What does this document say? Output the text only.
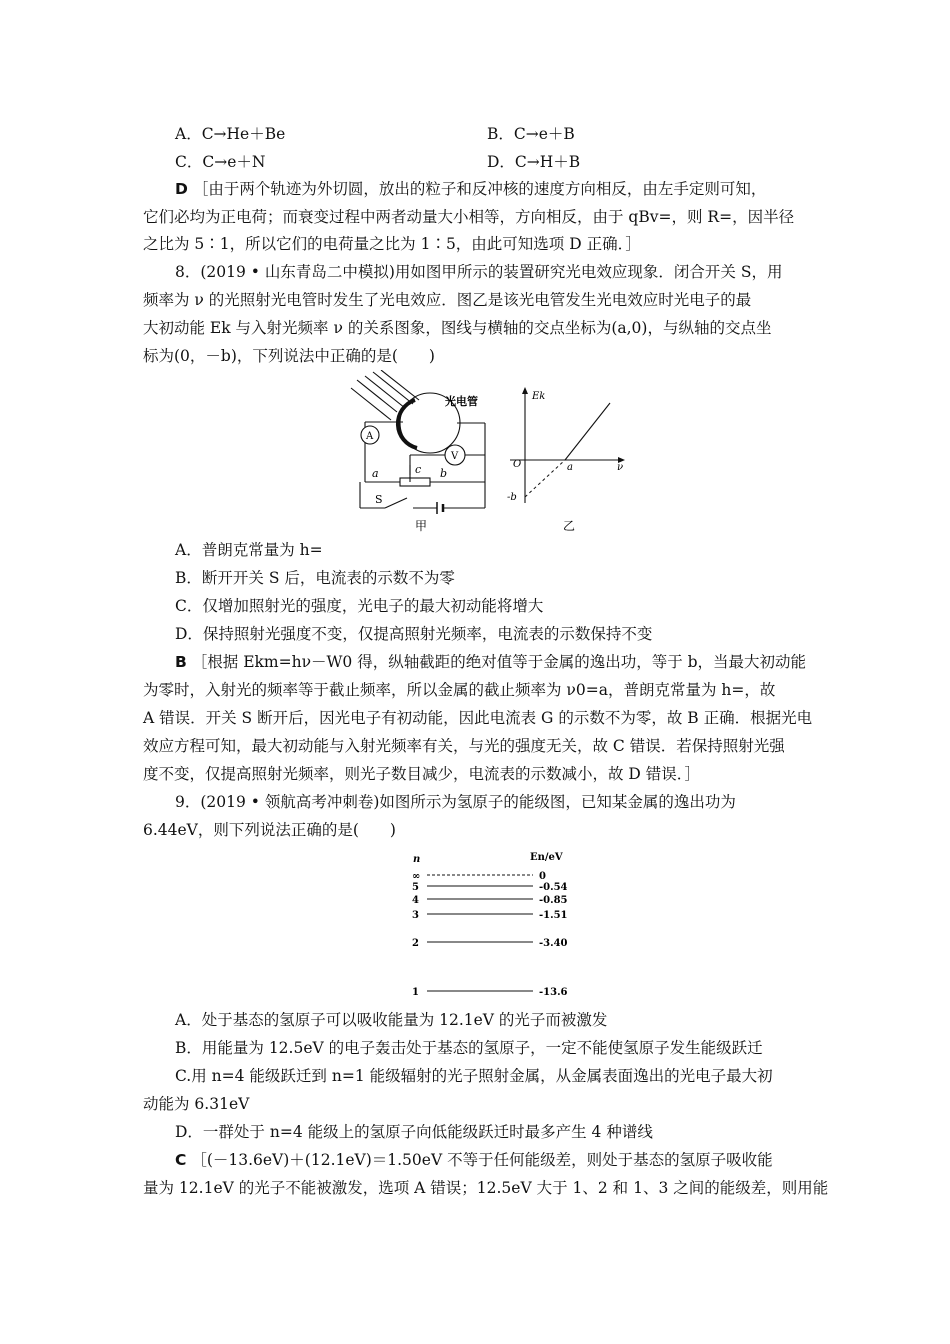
A．C→He＋Be	B．C→e＋B
C．C→e＋N	D．C→H＋B
D ［由于两个轨迹为外切圆，放出的粒子和反冲核的速度方向相反，由左手定则可知，
它们必均为正电荷；而衰变过程中两者动量大小相等，方向相反，由于 qBv=，则 R=，因半径
之比为 5∶1，所以它们的电荷量之比为 1∶5，由此可知选项 D 正确．］
8．(2019 • 山东青岛二中模拟)用如图甲所示的装置研究光电效应现象．闭合开关 S，用
频率为 ν 的光照射光电管时发生了光电效应．图乙是该光电管发生光电效应时光电子的最
大初动能 Ek 与入射光频率 ν 的关系图象，图线与横轴的交点坐标为(a,0)，与纵轴的交点坐
标为(0，－b)，下列说法中正确的是(　　)
光电管
A
V
a	b
c
S
甲
Ek
O	a	ν
-b
乙
A．普朗克常量为 h=
B．断开开关 S 后，电流表的示数不为零
C．仅增加照射光的强度，光电子的最大初动能将增大
D．保持照射光强度不变，仅提高照射光频率，电流表的示数保持不变
B ［根据 Ekm=hν－W0 得，纵轴截距的绝对值等于金属的逸出功，等于 b，当最大初动能
为零时，入射光的频率等于截止频率，所以金属的截止频率为 ν0=a，普朗克常量为 h=，故
A 错误．开关 S 断开后，因光电子有初动能，因此电流表 G 的示数不为零，故 B 正确．根据光电
效应方程可知，最大初动能与入射光频率有关，与光的强度无关，故 C 错误．若保持照射光强
度不变，仅提高照射光频率，则光子数目减少，电流表的示数减小，故 D 错误．］
9．(2019 • 领航高考冲刺卷)如图所示为氢原子的能级图，已知某金属的逸出功为
6.44eV，则下列说法正确的是(　　)
n	En/eV
∞
5
4
3
2
1
0
-0.54
-0.85
-1.51
-3.40
-13.6
A．处于基态的氢原子可以吸收能量为 12.1eV 的光子而被激发
B．用能量为 12.5eV 的电子轰击处于基态的氢原子，一定不能使氢原子发生能级跃迁
C.用 n=4 能级跃迁到 n=1 能级辐射的光子照射金属，从金属表面逸出的光电子最大初
动能为 6.31eV
D．一群处于 n=4 能级上的氢原子向低能级跃迁时最多产生 4 种谱线
C ［(－13.6eV)＋(12.1eV)＝1.50eV 不等于任何能级差，则处于基态的氢原子吸收能
量为 12.1eV 的光子不能被激发，选项 A 错误；12.5eV 大于 1、2 和 1、3 之间的能级差，则用能
